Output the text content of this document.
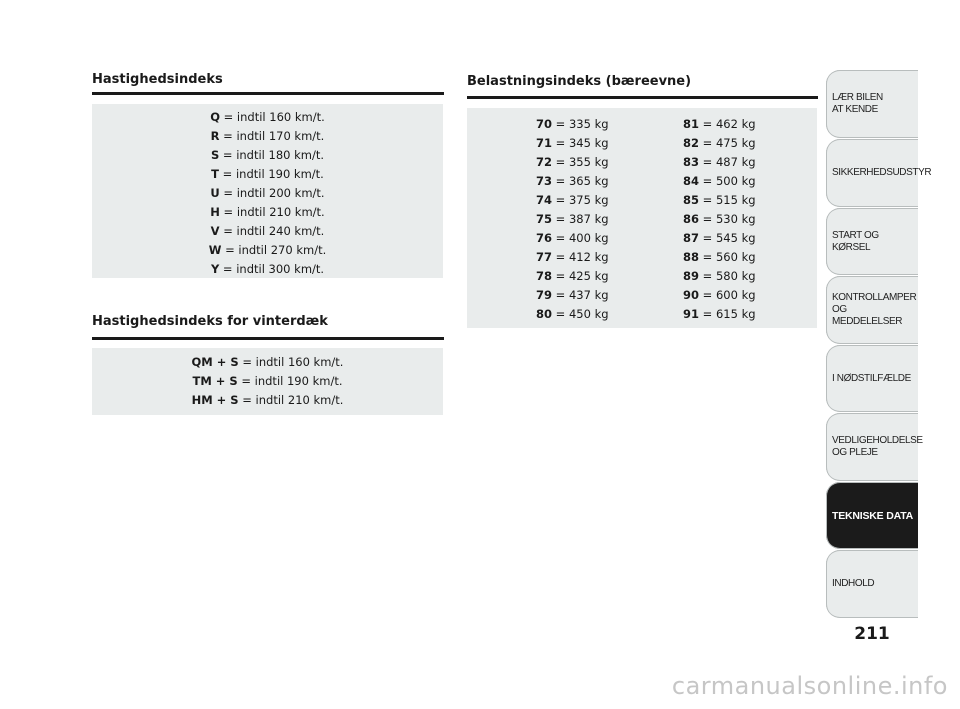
Hastighedsindeks
Q = indtil 160 km/t.
R = indtil 170 km/t.
S = indtil 180 km/t.
T = indtil 190 km/t.
U = indtil 200 km/t.
H = indtil 210 km/t.
V = indtil 240 km/t.
W = indtil 270 km/t.
Y = indtil 300 km/t.
Hastighedsindeks for vinterdæk
QM + S = indtil 160 km/t.
TM + S = indtil 190 km/t.
HM + S = indtil 210 km/t.
Belastningsindeks (bæreevne)
70 = 335 kg
71 = 345 kg
72 = 355 kg
73 = 365 kg
74 = 375 kg
75 = 387 kg
76 = 400 kg
77 = 412 kg
78 = 425 kg
79 = 437 kg
80 = 450 kg
81 = 462 kg
82 = 475 kg
83 = 487 kg
84 = 500 kg
85 = 515 kg
86 = 530 kg
87 = 545 kg
88 = 560 kg
89 = 580 kg
90 = 600 kg
91 = 615 kg
LÆR BILEN
AT KENDE
SIKKERHEDSUDSTYR
START OG KØRSEL
KONTROLLAMPER
OG MEDDELELSER
I NØDSTILFÆLDE
VEDLIGEHOLDELSE
OG PLEJE
TEKNISKE DATA
INDHOLD
211
carmanualsonline.info
